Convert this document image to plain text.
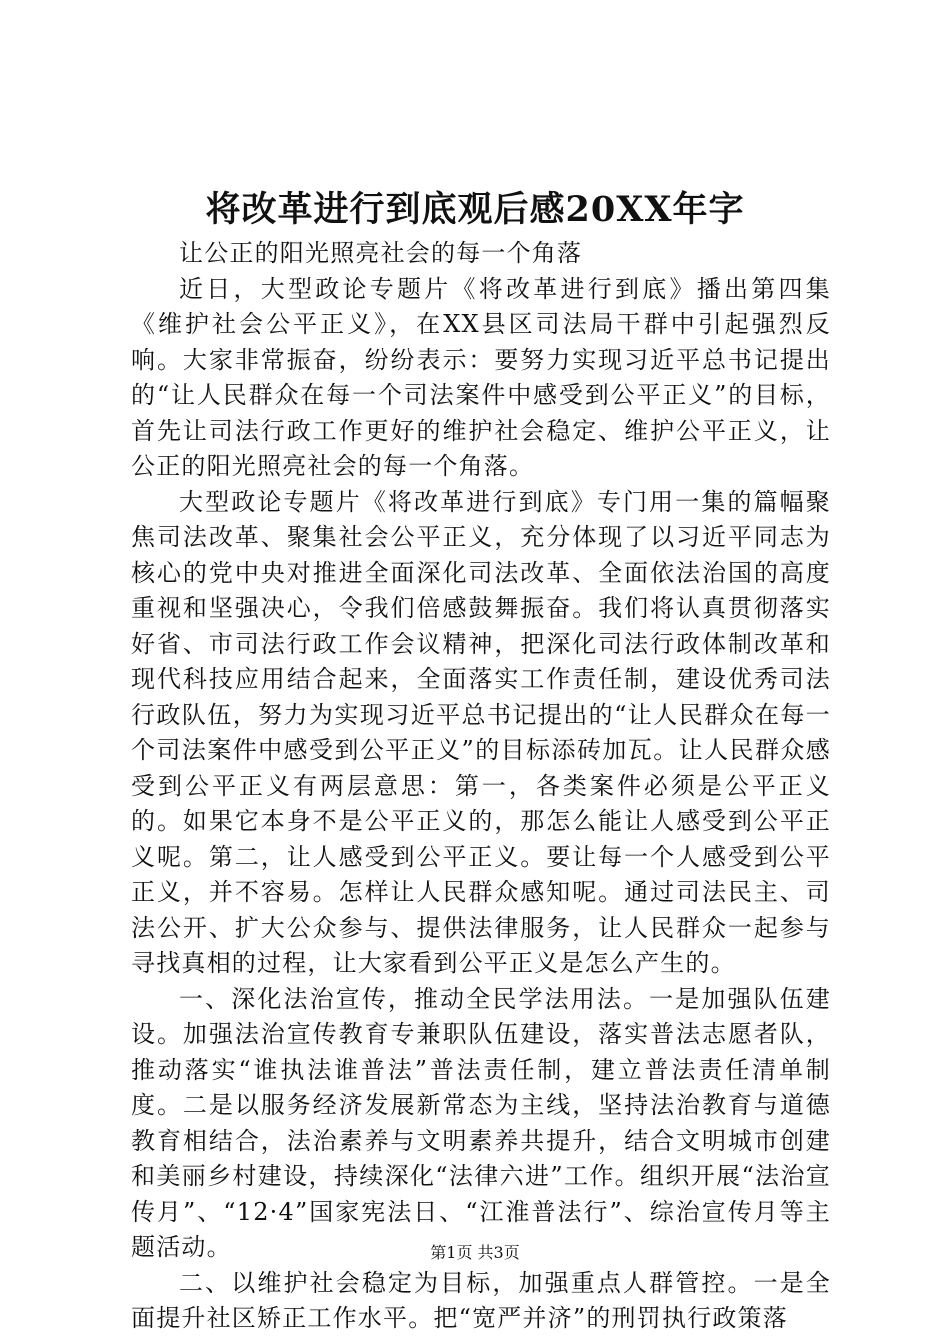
将改革进行到底观后感20XX年字

让公正的阳光照亮社会的每一个角落

近日，大型政论专题片《将改革进行到底》播出第四集《维护社会公平正义》，在XX县区司法局干群中引起强烈反响。大家非常振奋，纷纷表示：要努力实现习近平总书记提出的“让人民群众在每一个司法案件中感受到公平正义”的目标，首先让司法行政工作更好的维护社会稳定、维护公平正义，让公正的阳光照亮社会的每一个角落。

大型政论专题片《将改革进行到底》专门用一集的篇幅聚焦司法改革、聚集社会公平正义，充分体现了以习近平同志为核心的党中央对推进全面深化司法改革、全面依法治国的高度重视和坚强决心，令我们倍感鼓舞振奋。我们将认真贯彻落实好省、市司法行政工作会议精神，把深化司法行政体制改革和现代科技应用结合起来，全面落实工作责任制，建设优秀司法行政队伍，努力为实现习近平总书记提出的“让人民群众在每一个司法案件中感受到公平正义”的目标添砖加瓦。让人民群众感受到公平正义有两层意思：第一，各类案件必须是公平正义的。如果它本身不是公平正义的，那怎么能让人感受到公平正义呢。第二，让人感受到公平正义。要让每一个人感受到公平正义，并不容易。怎样让人民群众感知呢。通过司法民主、司法公开、扩大公众参与、提供法律服务，让人民群众一起参与寻找真相的过程，让大家看到公平正义是怎么产生的。

一、深化法治宣传，推动全民学法用法。一是加强队伍建设。加强法治宣传教育专兼职队伍建设，落实普法志愿者队，推动落实“谁执法谁普法”普法责任制，建立普法责任清单制度。二是以服务经济发展新常态为主线，坚持法治教育与道德教育相结合，法治素养与文明素养共提升，结合文明城市创建和美丽乡村建设，持续深化“法律六进”工作。组织开展“法治宣传月”、“12·4”国家宪法日、“江淮普法行”、综治宣传月等主题活动。

二、以维护社会稳定为目标，加强重点人群管控。一是全面提升社区矫正工作水平。把“宽严并济”的刑罚执行政策落

第1页 共3页
